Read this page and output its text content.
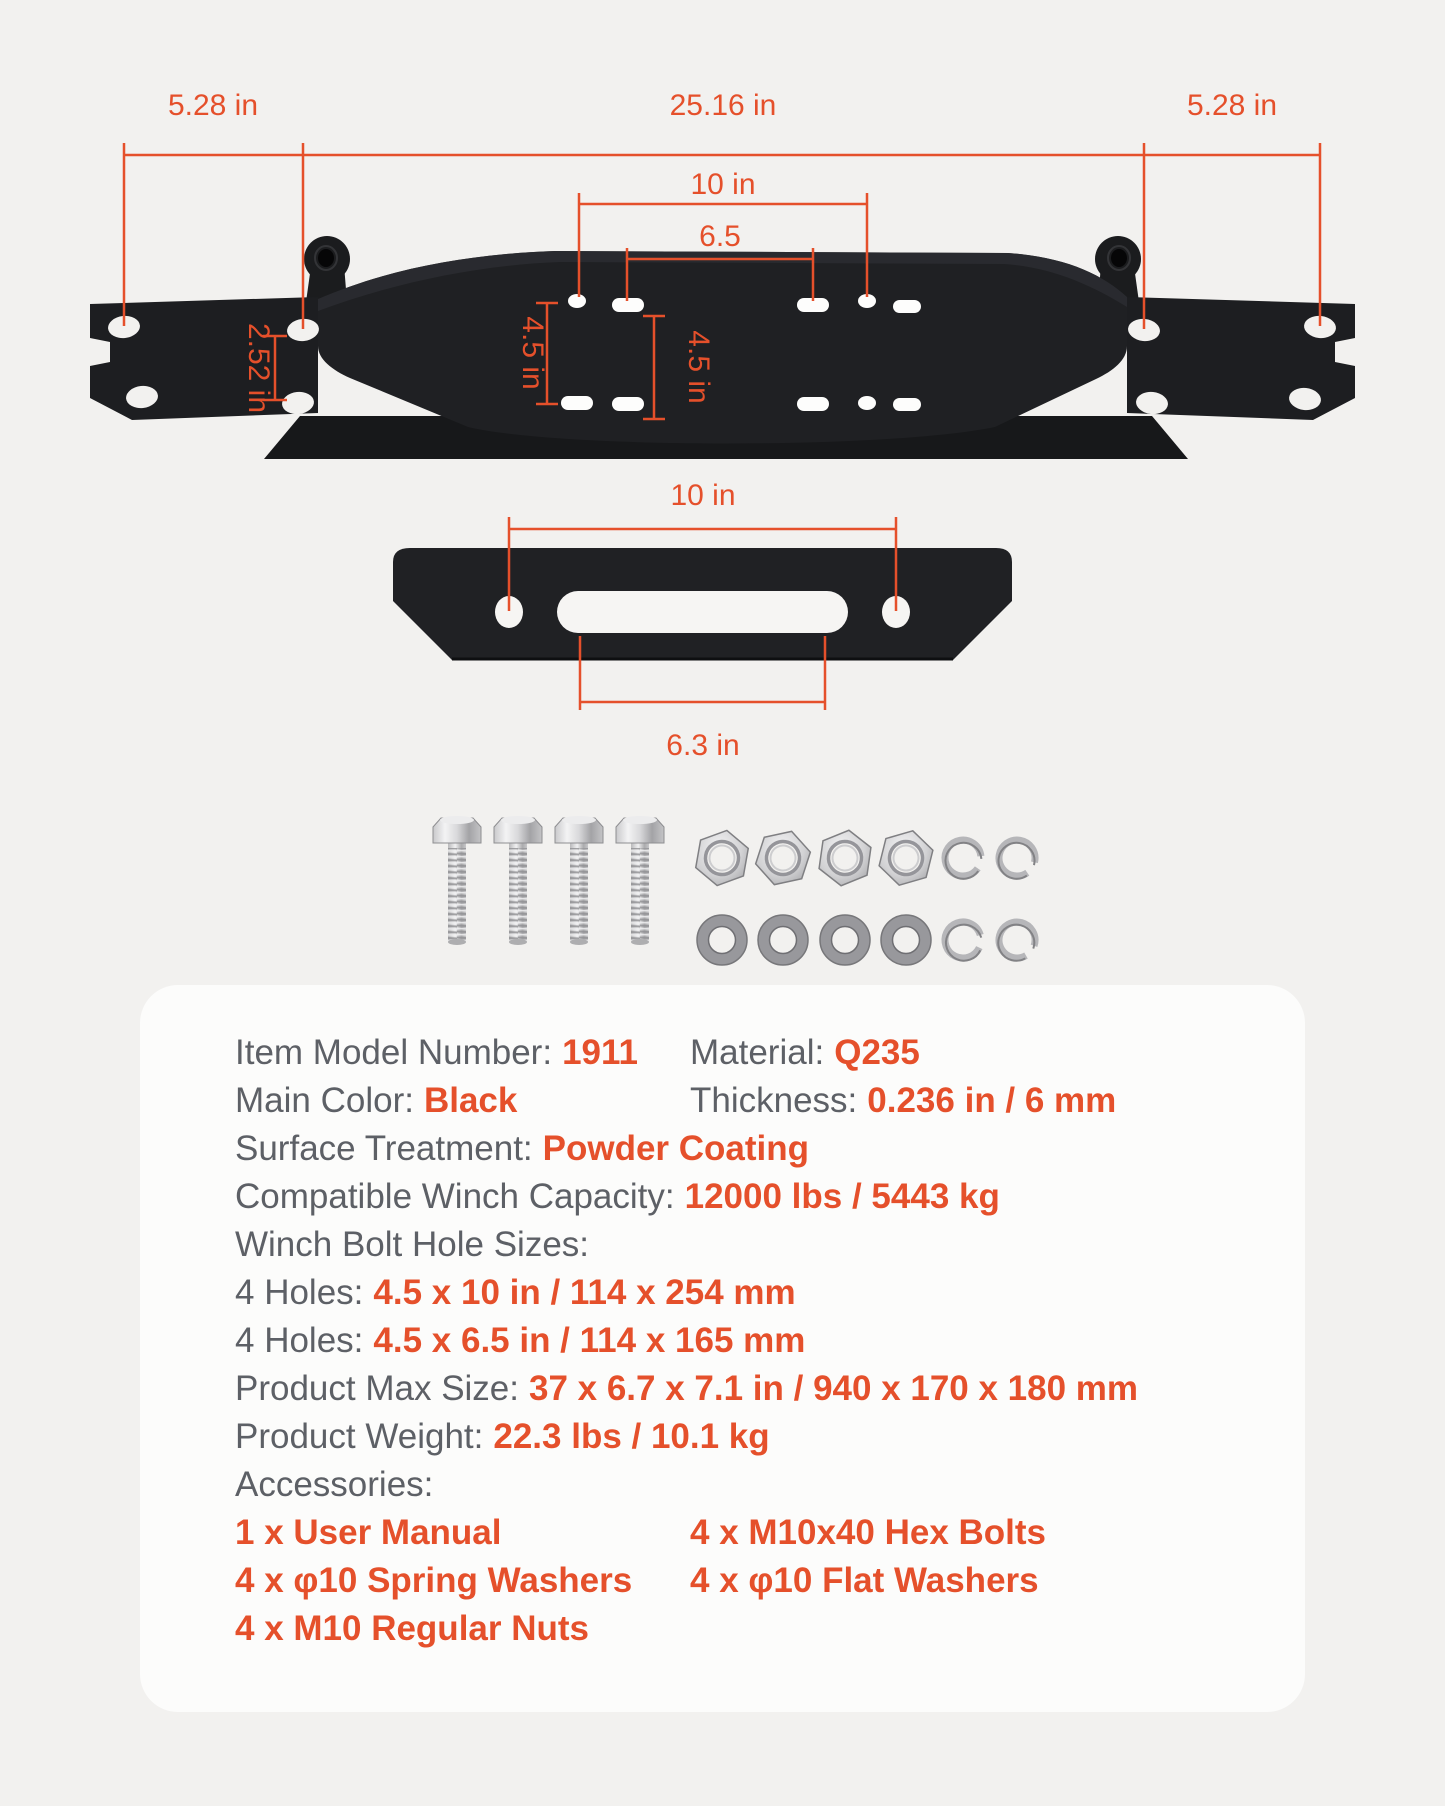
5.28 in	25.16 in	5.28 in
10 in
6.5
2.52 in	4.5 in	4.5 in
10 in
6.3 in
Item Model Number: 1911 Material: Q235
Main Color: Black	Thickness: 0.236 in / 6 mm
Surface Treatment: Powder Coating
Compatible Winch Capacity: 12000 lbs / 5443 kg
Winch Bolt Hole Sizes:
4 Holes: 4.5 x 10 in / 114 x 254 mm
4 Holes: 4.5 x 6.5 in / 114 x 165 mm
Product Max Size: 37 x 6.7 x 7.1 in / 940 x 170 x 180 mm
Product Weight: 22.3 lbs / 10.1 kg
Accessories:
1 x User Manual	4 x M10x40 Hex Bolts
4 x φ10 Spring Washers 4 x φ10 Flat Washers
4 x M10 Regular Nuts
